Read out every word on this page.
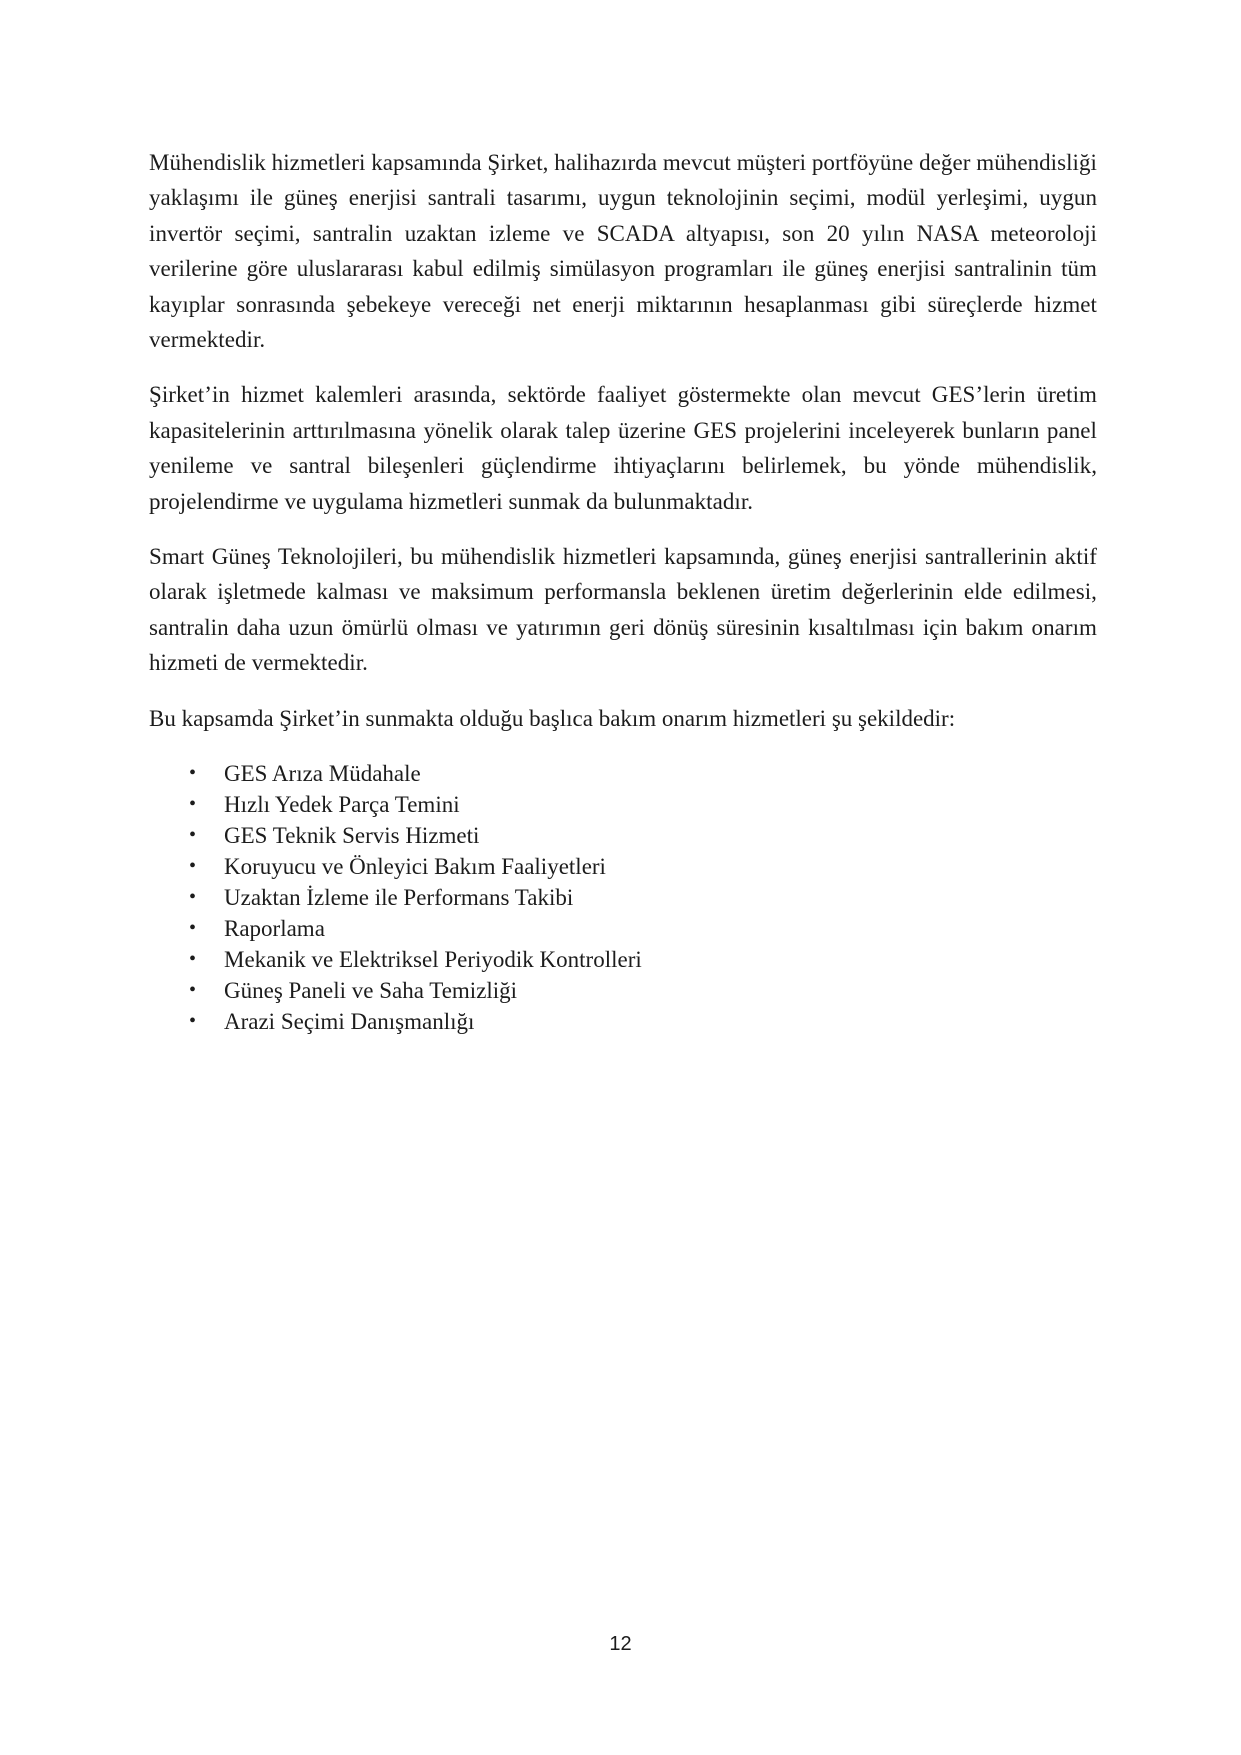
Mühendislik hizmetleri kapsamında Şirket, halihazırda mevcut müşteri portföyüne değer mühendisliği yaklaşımı ile güneş enerjisi santrali tasarımı, uygun teknolojinin seçimi, modül yerleşimi, uygun invertör seçimi, santralin uzaktan izleme ve SCADA altyapısı, son 20 yılın NASA meteoroloji verilerine göre uluslararası kabul edilmiş simülasyon programları ile güneş enerjisi santralinin tüm kayıplar sonrasında şebekeye vereceği net enerji miktarının hesaplanması gibi süreçlerde hizmet vermektedir.

Şirket’in hizmet kalemleri arasında, sektörde faaliyet göstermekte olan mevcut GES’lerin üretim kapasitelerinin arttırılmasına yönelik olarak talep üzerine GES projelerini inceleyerek bunların panel yenileme ve santral bileşenleri güçlendirme ihtiyaçlarını belirlemek, bu yönde mühendislik, projelendirme ve uygulama hizmetleri sunmak da bulunmaktadır.

Smart Güneş Teknolojileri, bu mühendislik hizmetleri kapsamında, güneş enerjisi santrallerinin aktif olarak işletmede kalması ve maksimum performansla beklenen üretim değerlerinin elde edilmesi, santralin daha uzun ömürlü olması ve yatırımın geri dönüş süresinin kısaltılması için bakım onarım hizmeti de vermektedir.

Bu kapsamda Şirket’in sunmakta olduğu başlıca bakım onarım hizmetleri şu şekildedir:

• GES Arıza Müdahale
• Hızlı Yedek Parça Temini
• GES Teknik Servis Hizmeti
• Koruyucu ve Önleyici Bakım Faaliyetleri
• Uzaktan İzleme ile Performans Takibi
• Raporlama
• Mekanik ve Elektriksel Periyodik Kontrolleri
• Güneş Paneli ve Saha Temizliği
• Arazi Seçimi Danışmanlığı
12
